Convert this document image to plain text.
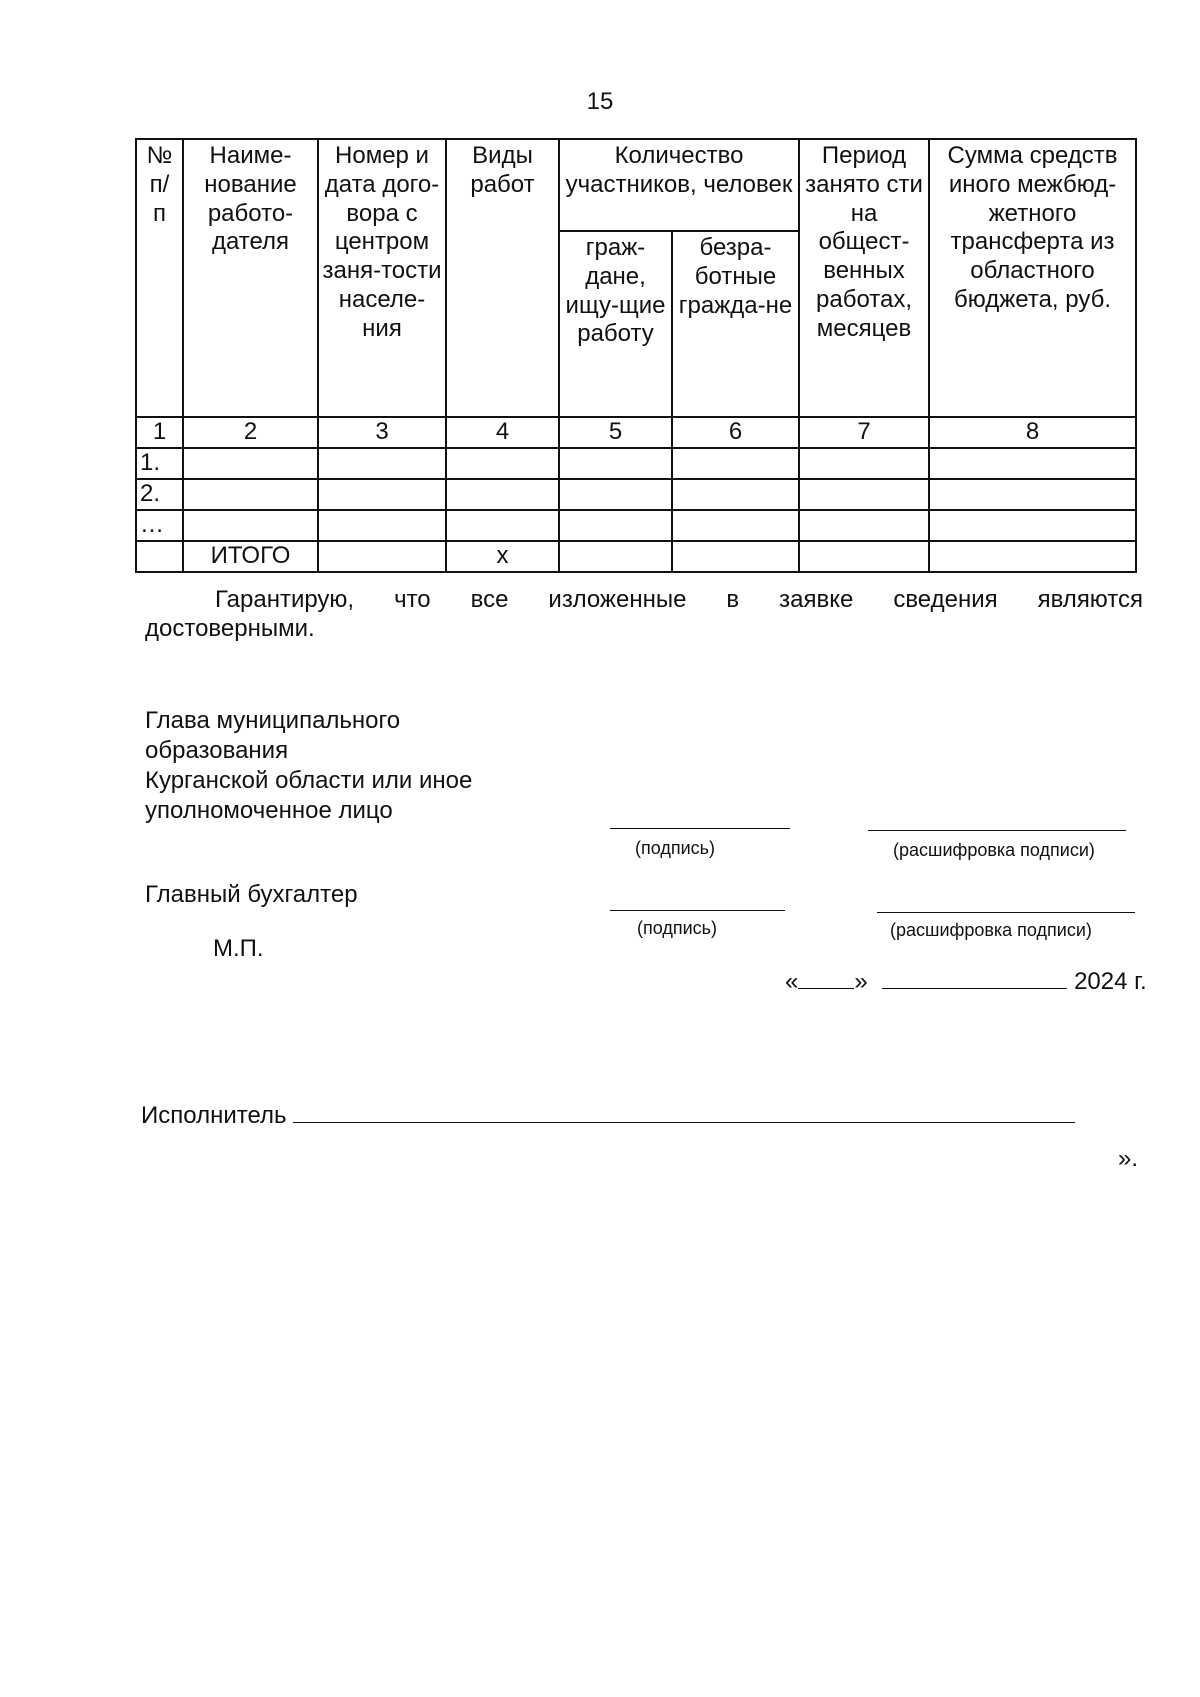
15
№ п/ п	Наиме-нование работо-дателя	Номер и дата дого-вора с центром заня-тости населе-ния	Виды работ	Количество участников, человек		Период занято сти на общест-венных работах, месяцев	Сумма средств иного межбюд-жетного трансферта из областного бюджета, руб.
				граж-дане, ищу-щие работу	безра-ботные гражда-не		
1	2	3	4	5	6	7	8
1.							
2.							
…							
	ИТОГО		х				
Гарантирую, что все изложенные в заявке сведения являются
достоверными.
Глава муниципального
образования
Курганской области или иное
уполномоченное лицо
(подпись)	(расшифровка подписи)
Главный бухгалтер
(подпись)	(расшифровка подписи)
М.П.
« »	2024 г.
Исполнитель
».
